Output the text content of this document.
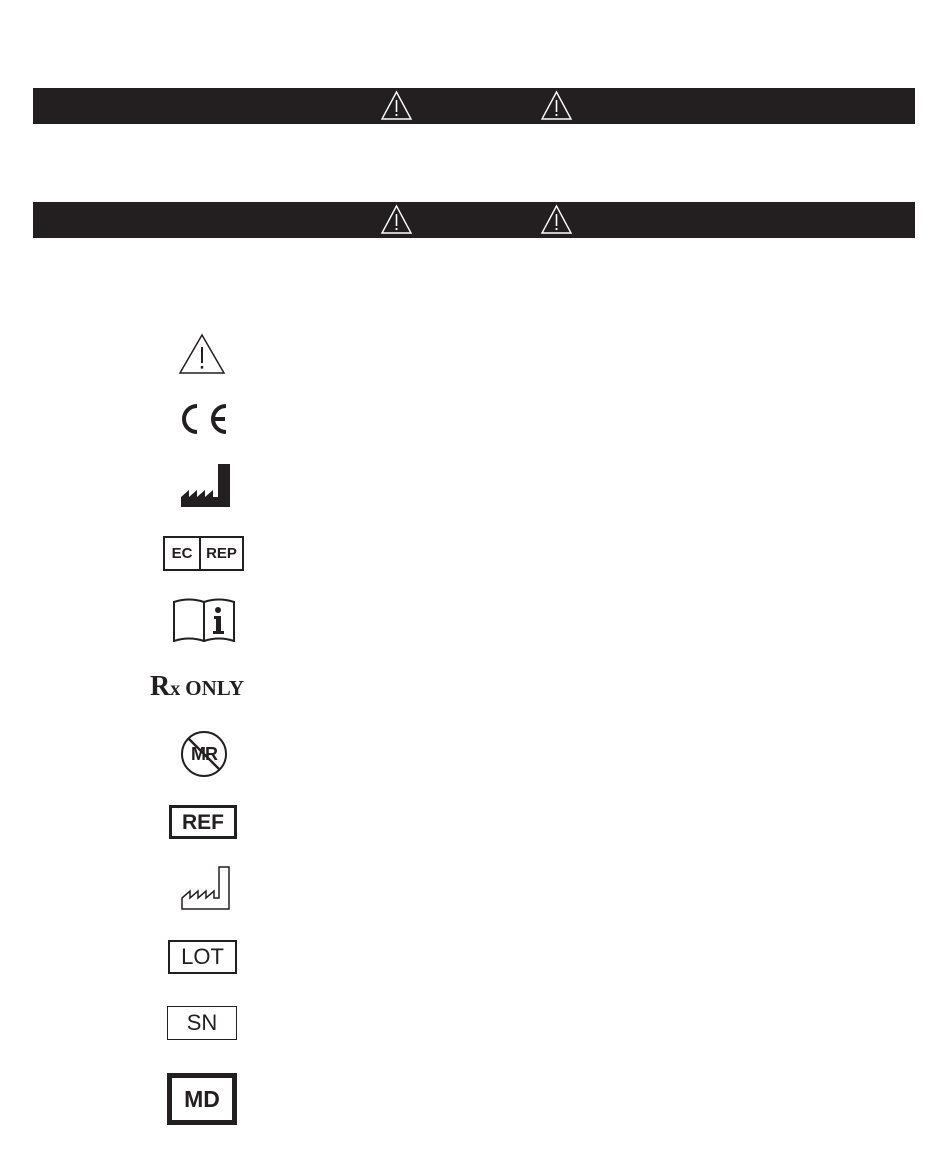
EC REP
Rx ONLY
MR
REF
LOT
SN
MD
